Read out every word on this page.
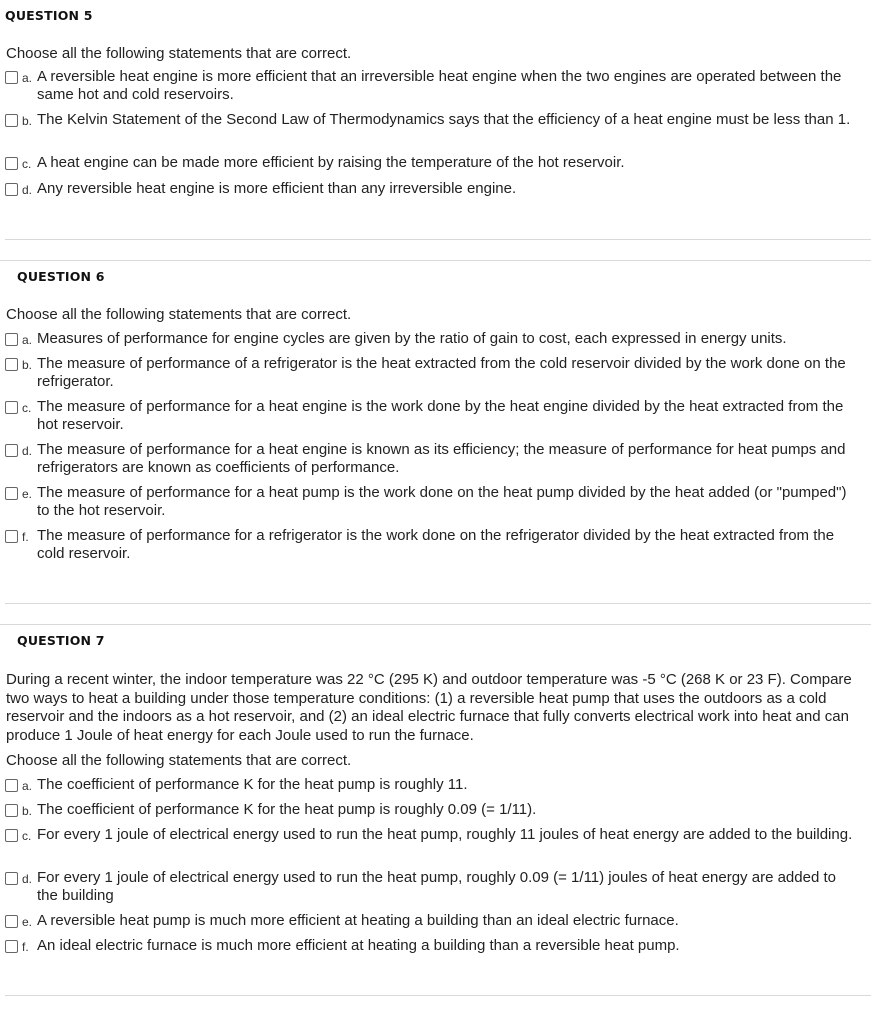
QUESTION 5
Choose all the following statements that are correct.
a. A reversible heat engine is more efficient that an irreversible heat engine when the two engines are operated between the same hot and cold reservoirs.
b. The Kelvin Statement of the Second Law of Thermodynamics says that the efficiency of a heat engine must be less than 1.
c. A heat engine can be made more efficient by raising the temperature of the hot reservoir.
d. Any reversible heat engine is more efficient than any irreversible engine.
QUESTION 6
Choose all the following statements that are correct.
a. Measures of performance for engine cycles are given by the ratio of gain to cost, each expressed in energy units.
b. The measure of performance of a refrigerator is the heat extracted from the cold reservoir divided by the work done on the refrigerator.
c. The measure of performance for a heat engine is the work done by the heat engine divided by the heat extracted from the hot reservoir.
d. The measure of performance for a heat engine is known as its efficiency; the measure of performance for heat pumps and refrigerators are known as coefficients of performance.
e. The measure of performance for a heat pump is the work done on the heat pump divided by the heat added (or "pumped") to the hot reservoir.
f. The measure of performance for a refrigerator is the work done on the refrigerator divided by the heat extracted from the cold reservoir.
QUESTION 7
During a recent winter, the indoor temperature was 22 °C (295 K) and outdoor temperature was -5 °C (268 K or 23 F). Compare two ways to heat a building under those temperature conditions: (1) a reversible heat pump that uses the outdoors as a cold reservoir and the indoors as a hot reservoir, and (2) an ideal electric furnace that fully converts electrical work into heat and can produce 1 Joule of heat energy for each Joule used to run the furnace.
Choose all the following statements that are correct.
a. The coefficient of performance K for the heat pump is roughly 11.
b. The coefficient of performance K for the heat pump is roughly 0.09 (= 1/11).
c. For every 1 joule of electrical energy used to run the heat pump, roughly 11 joules of heat energy are added to the building.
d. For every 1 joule of electrical energy used to run the heat pump, roughly 0.09 (= 1/11) joules of heat energy are added to the building
e. A reversible heat pump is much more efficient at heating a building than an ideal electric furnace.
f. An ideal electric furnace is much more efficient at heating a building than a reversible heat pump.
